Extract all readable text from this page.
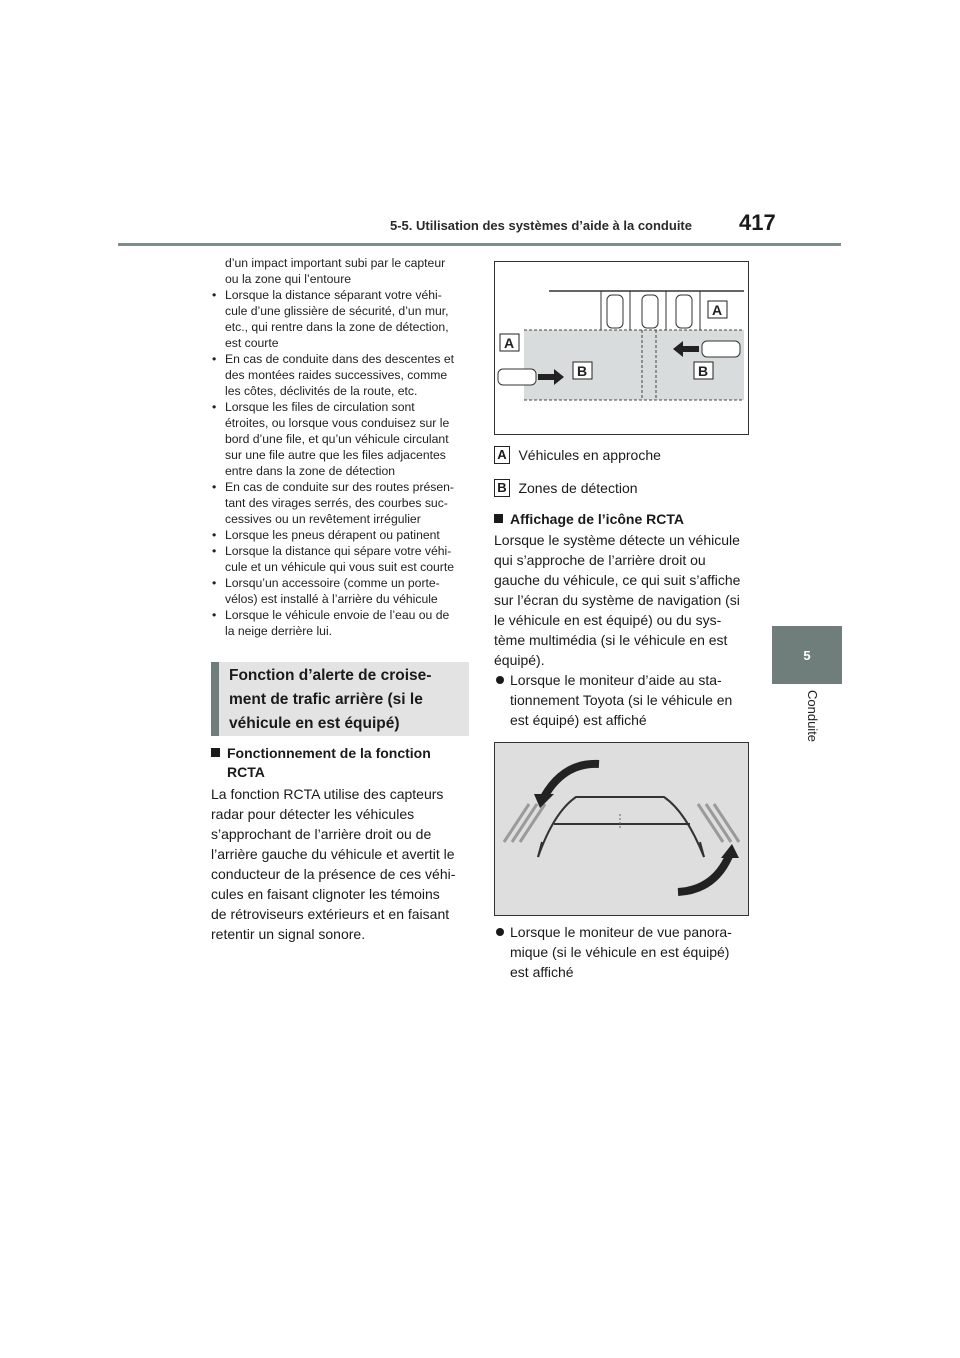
5-5. Utilisation des systèmes d’aide à la conduite 417
5
Conduite
d’un impact important subi par le capteur
ou la zone qui l’entoure
• Lorsque la distance séparant votre véhi-
cule d’une glissière de sécurité, d’un mur,
etc., qui rentre dans la zone de détection,
est courte
• En cas de conduite dans des descentes et
des montées raides successives, comme
les côtes, déclivités de la route, etc.
• Lorsque les files de circulation sont
étroites, ou lorsque vous conduisez sur le
bord d’une file, et qu’un véhicule circulant
sur une file autre que les files adjacentes
entre dans la zone de détection
• En cas de conduite sur des routes présen-
tant des virages serrés, des courbes suc-
cessives ou un revêtement irrégulier
• Lorsque les pneus dérapent ou patinent
• Lorsque la distance qui sépare votre véhi-
cule et un véhicule qui vous suit est courte
• Lorsqu’un accessoire (comme un porte-
vélos) est installé à l’arrière du véhicule
• Lorsque le véhicule envoie de l’eau ou de
la neige derrière lui.
Fonction d’alerte de croise-
ment de trafic arrière (si le
véhicule en est équipé)
Fonctionnement de la fonction
RCTA
La fonction RCTA utilise des capteurs
radar pour détecter les véhicules
s’approchant de l’arrière droit ou de
l’arrière gauche du véhicule et avertit le
conducteur de la présence de ces véhi-
cules en faisant clignoter les témoins
de rétroviseurs extérieurs et en faisant
retentir un signal sonore.
A
A
B	B
A Véhicules en approche
B Zones de détection
Affichage de l’icône RCTA
Lorsque le système détecte un véhicule
qui s’approche de l’arrière droit ou
gauche du véhicule, ce qui suit s’affiche
sur l’écran du système de navigation (si
le véhicule en est équipé) ou du sys-
tème multimédia (si le véhicule en est
équipé).
Lorsque le moniteur d’aide au sta-
tionnement Toyota (si le véhicule en
est équipé) est affiché
Lorsque le moniteur de vue panora-
mique (si le véhicule en est équipé)
est affiché
